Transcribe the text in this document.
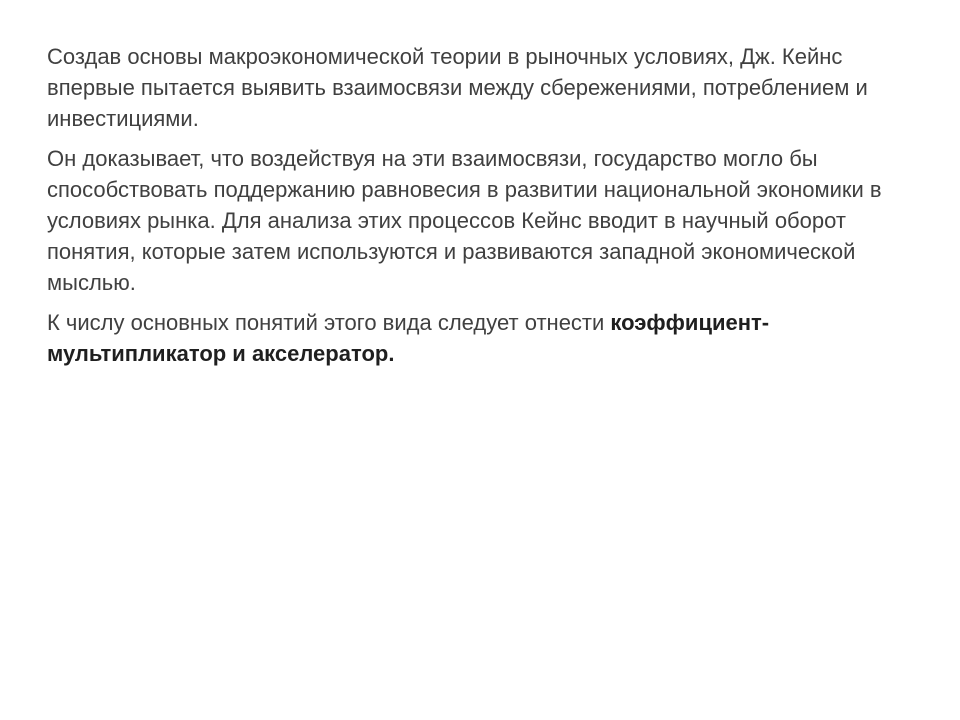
Создав основы макроэкономической теории в рыночных условиях, Дж. Кейнс впервые пытается выявить взаимосвязи между сбережениями, потреблением и инвестициями.

Он доказывает, что воздействуя на эти взаимосвязи, государство могло бы способствовать поддержанию равновесия в развитии национальной экономики в условиях рынка. Для анализа этих процессов Кейнс вводит в научный оборот понятия, которые затем используются и развиваются западной экономической мыслью.

К числу основных понятий этого вида следует отнести коэффициент-мультипликатор и акселератор.
